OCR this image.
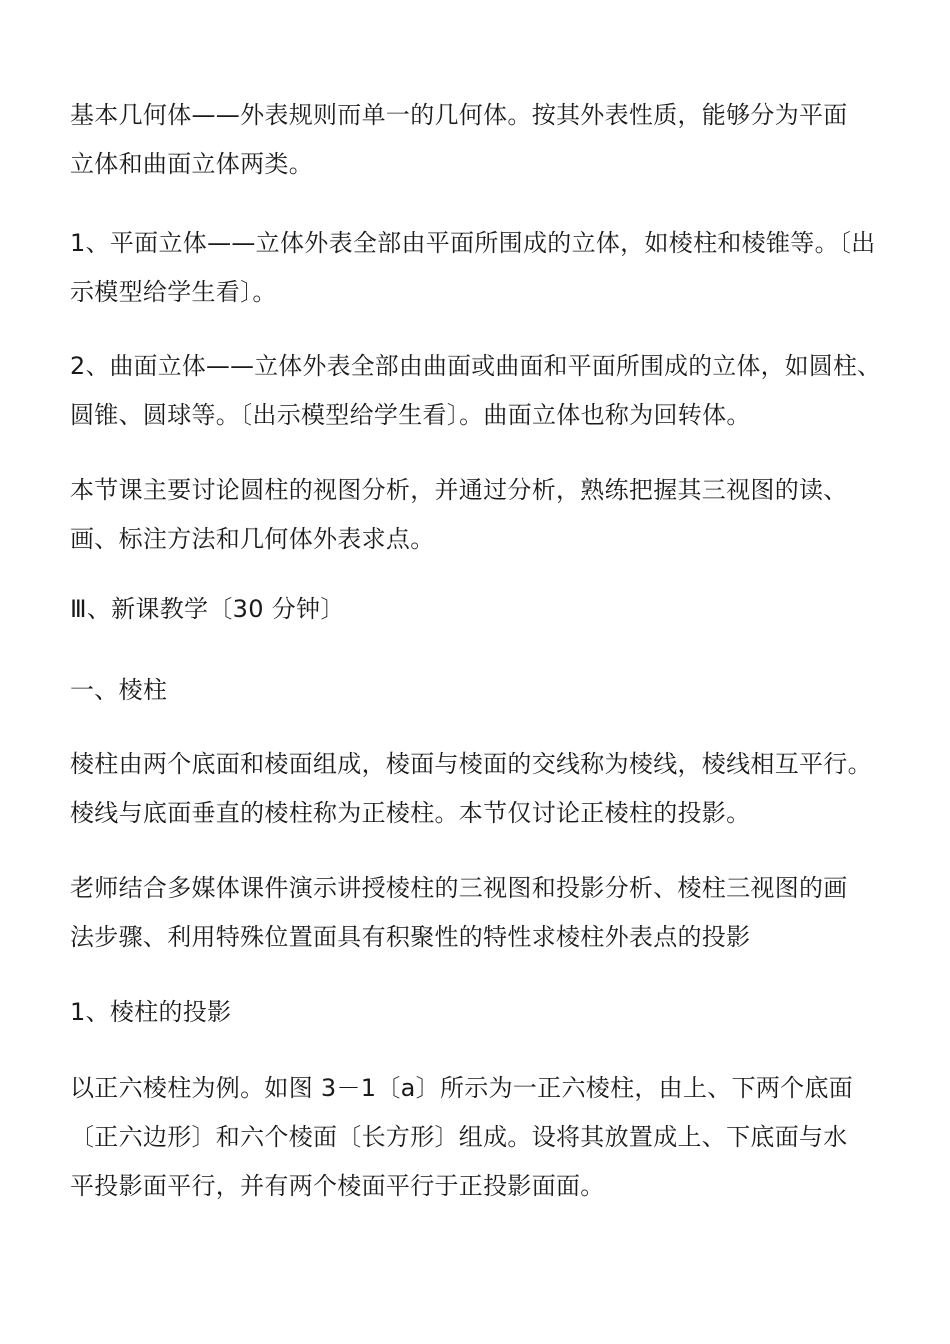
基本几何体——外表规则而单一的几何体。按其外表性质，能够分为平面
立体和曲面立体两类。

1、平面立体——立体外表全部由平面所围成的立体，如棱柱和棱锥等。〔出
示模型给学生看〕。

2、曲面立体——立体外表全部由曲面或曲面和平面所围成的立体，如圆柱、
圆锥、圆球等。〔出示模型给学生看〕。曲面立体也称为回转体。

本节课主要讨论圆柱的视图分析，并通过分析，熟练把握其三视图的读、
画、标注方法和几何体外表求点。

Ⅲ、新课教学〔30 分钟〕

一、棱柱

棱柱由两个底面和棱面组成，棱面与棱面的交线称为棱线，棱线相互平行。
棱线与底面垂直的棱柱称为正棱柱。本节仅讨论正棱柱的投影。

老师结合多媒体课件演示讲授棱柱的三视图和投影分析、棱柱三视图的画
法步骤、利用特殊位置面具有积聚性的特性求棱柱外表点的投影

1、棱柱的投影

以正六棱柱为例。如图 3－1〔a〕所示为一正六棱柱，由上、下两个底面
〔正六边形〕和六个棱面〔长方形〕组成。设将其放置成上、下底面与水
平投影面平行，并有两个棱面平行于正投影面面。
